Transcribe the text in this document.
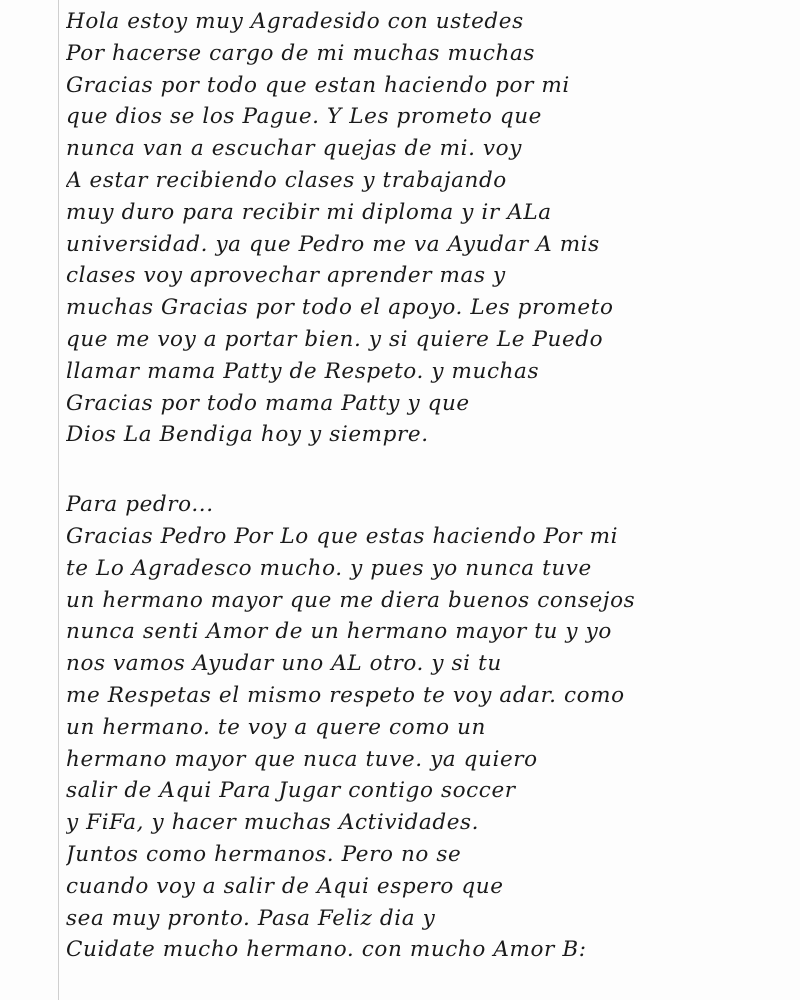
Hola estoy muy Agradesido con ustedes
Por hacerse cargo de mi muchas muchas
Gracias por todo que estan haciendo por mi
que dios se los Pague. Y Les prometo que
nunca van a escuchar quejas de mi. voy
A estar recibiendo clases y trabajando
muy duro para recibir mi diploma y ir ALa
universidad. ya que Pedro me va Ayudar A mis
clases voy aprovechar aprender mas y
muchas Gracias por todo el apoyo. Les prometo
que me voy a portar bien. y si quiere Le Puedo
llamar mama Patty de Respeto. y muchas
Gracias por todo mama Patty y que
Dios La Bendiga hoy y siempre.
Para pedro...
Gracias Pedro Por Lo que estas haciendo Por mi
te Lo Agradesco mucho. y pues yo nunca tuve
un hermano mayor que me diera buenos consejos
nunca senti Amor de un hermano mayor tu y yo
nos vamos Ayudar uno AL otro. y si tu
me Respetas el mismo respeto te voy adar. como
un hermano. te voy a quere como un
hermano mayor que nuca tuve. ya quiero
salir de Aqui Para Jugar contigo soccer
y FiFa, y hacer muchas Actividades.
Juntos como hermanos. Pero no se
cuando voy a salir de Aqui espero que
sea muy pronto. Pasa Feliz dia y
Cuidate mucho hermano. con mucho Amor B:
